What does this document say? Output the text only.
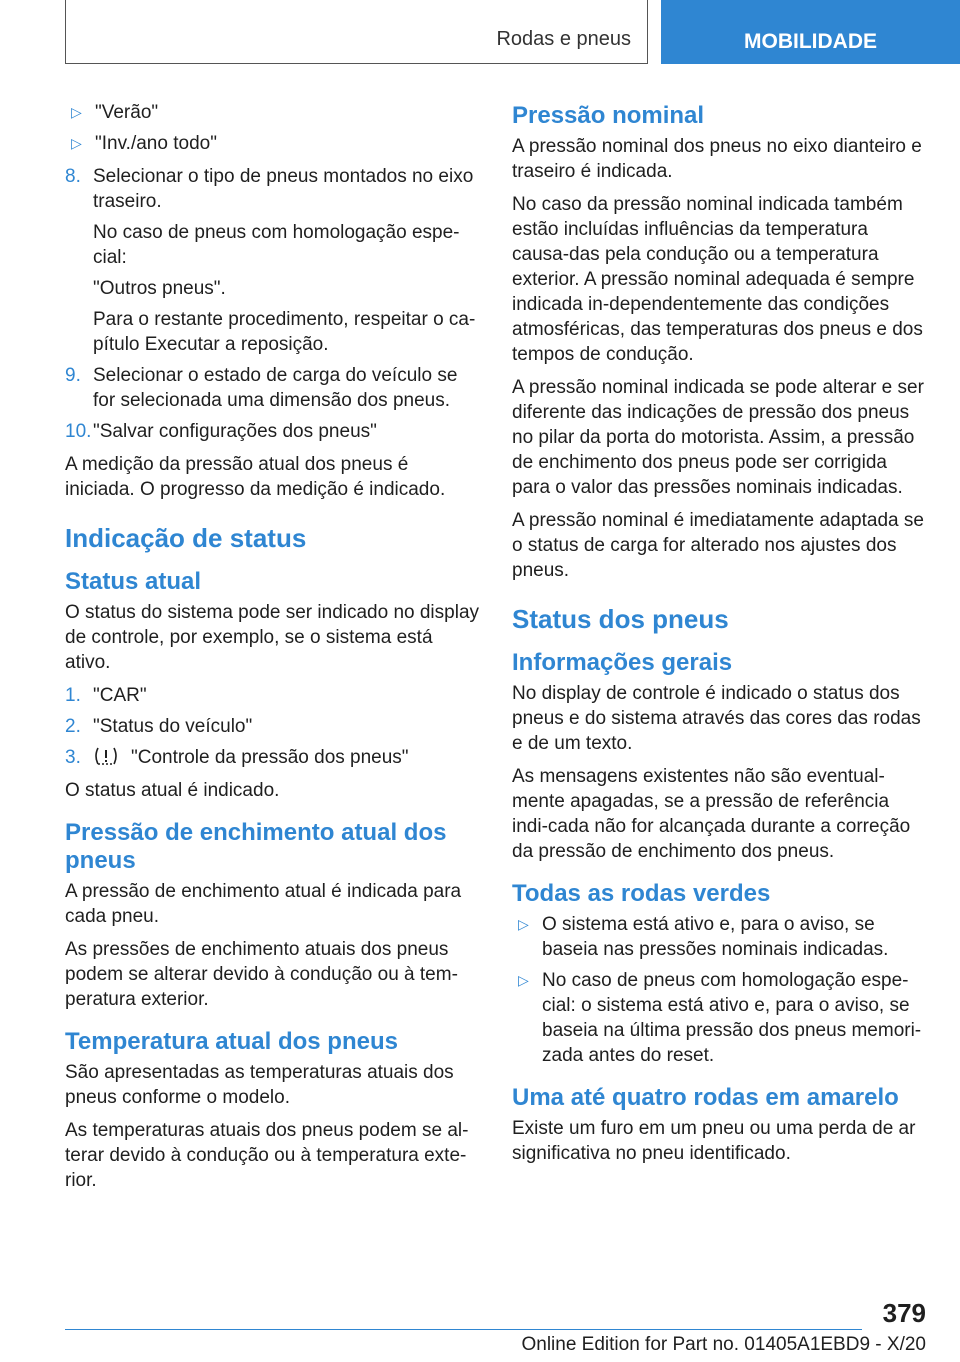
Rodas e pneus	MOBILIDADE
▷ "Verão"
▷ "Inv./ano todo"
8. Selecionar o tipo de pneus montados no eixo traseiro.
No caso de pneus com homologação espe-cial:
"Outros pneus".
Para o restante procedimento, respeitar o ca-pítulo Executar a reposição.
9. Selecionar o estado de carga do veículo se for selecionada uma dimensão dos pneus.
10. "Salvar configurações dos pneus"

A medição da pressão atual dos pneus é iniciada. O progresso da medição é indicado.

Indicação de status
Status atual

O status do sistema pode ser indicado no display de controle, por exemplo, se o sistema está ativo.

1. "CAR"
2. "Status do veículo"
3.	"Controle da pressão dos pneus"

O status atual é indicado.

Pressão de enchimento atual dos pneus

A pressão de enchimento atual é indicada para cada pneu.

As pressões de enchimento atuais dos pneus podem se alterar devido à condução ou à tem-peratura exterior.

Temperatura atual dos pneus

São apresentadas as temperaturas atuais dos pneus conforme o modelo.

As temperaturas atuais dos pneus podem se al-terar devido à condução ou à temperatura exte-rior.

Pressão nominal

A pressão nominal dos pneus no eixo dianteiro e traseiro é indicada.

No caso da pressão nominal indicada também estão incluídas influências da temperatura causa-das pela condução ou a temperatura exterior. A pressão nominal adequada é sempre indicada in-dependentemente das condições atmosféricas, das temperaturas dos pneus e dos tempos de condução.

A pressão nominal indicada se pode alterar e ser diferente das indicações de pressão dos pneus no pilar da porta do motorista. Assim, a pressão de enchimento dos pneus pode ser corrigida para o valor das pressões nominais indicadas.

A pressão nominal é imediatamente adaptada se o status de carga for alterado nos ajustes dos pneus.

Status dos pneus
Informações gerais

No display de controle é indicado o status dos pneus e do sistema através das cores das rodas e de um texto.

As mensagens existentes não são eventual-mente apagadas, se a pressão de referência indi-cada não for alcançada durante a correção da pressão de enchimento dos pneus.

Todas as rodas verdes
▷ O sistema está ativo e, para o aviso, se baseia nas pressões nominais indicadas.
▷ No caso de pneus com homologação espe-cial: o sistema está ativo e, para o aviso, se baseia na última pressão dos pneus memori-zada antes do reset.
Uma até quatro rodas em amarelo

Existe um furo em um pneu ou uma perda de ar significativa no pneu identificado.

379
Online Edition for Part no. 01405A1EBD9 - X/20
